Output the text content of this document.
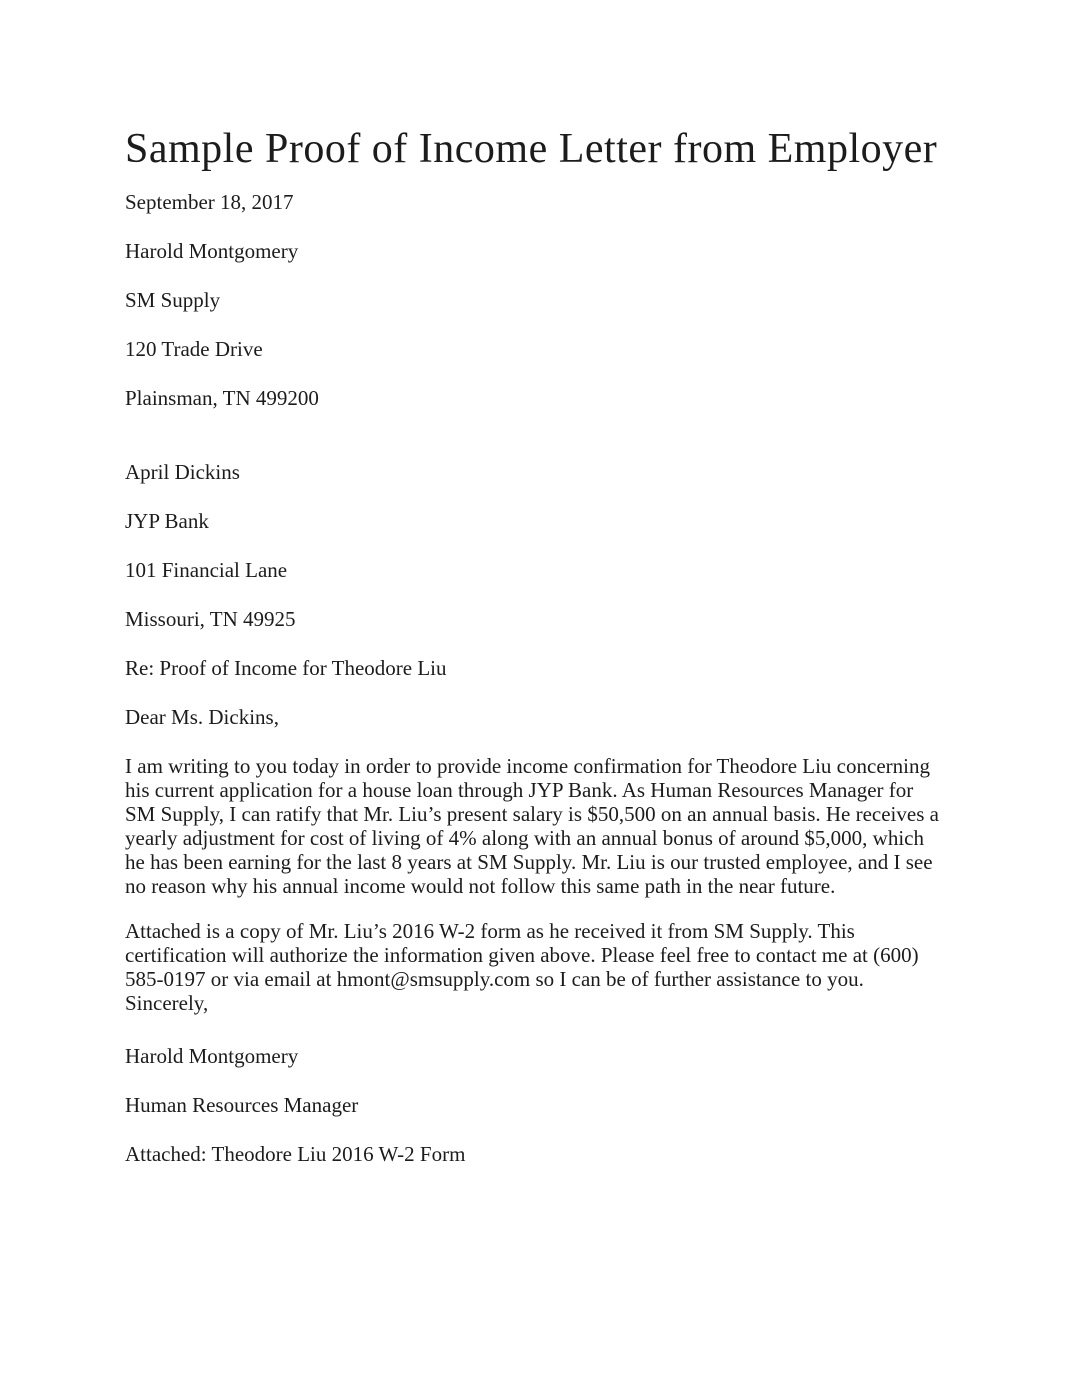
Sample Proof of Income Letter from Employer

September 18, 2017

Harold Montgomery

SM Supply

120 Trade Drive

Plainsman, TN 499200

April Dickins

JYP Bank

101 Financial Lane

Missouri, TN 49925

Re: Proof of Income for Theodore Liu

Dear Ms. Dickins,

I am writing to you today in order to provide income confirmation for Theodore Liu concerning his current application for a house loan through JYP Bank. As Human Resources Manager for SM Supply, I can ratify that Mr. Liu’s present salary is $50,500 on an annual basis. He receives a yearly adjustment for cost of living of 4% along with an annual bonus of around $5,000, which he has been earning for the last 8 years at SM Supply. Mr. Liu is our trusted employee, and I see no reason why his annual income would not follow this same path in the near future.

Attached is a copy of Mr. Liu’s 2016 W-2 form as he received it from SM Supply. This certification will authorize the information given above. Please feel free to contact me at (600) 585-0197 or via email at hmont@smsupply.com so I can be of further assistance to you.

Sincerely,

Harold Montgomery

Human Resources Manager

Attached: Theodore Liu 2016 W-2 Form
